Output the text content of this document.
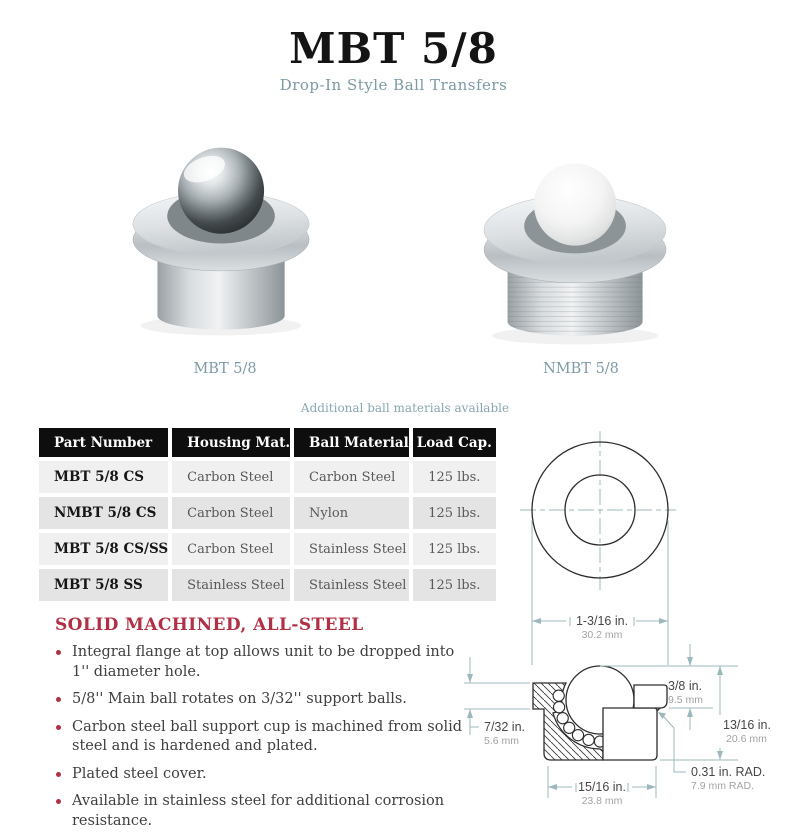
MBT 5/8
Drop-In Style Ball Transfers
MBT 5/8	NMBT 5/8
Additional ball materials available
Part Number	Housing Mat.	Ball Material	Load Cap.
MBT 5/8 CS	Carbon Steel	Carbon Steel	125 lbs.
NMBT 5/8 CS	Carbon Steel	Nylon	125 lbs.
MBT 5/8 CS/SS	Carbon Steel	Stainless Steel	125 lbs.
MBT 5/8 SS	Stainless Steel	Stainless Steel	125 lbs.
SOLID MACHINED, ALL-STEEL
Integral flange at top allows unit to be dropped into 1'' diameter hole.
5/8'' Main ball rotates on 3/32'' support balls.
Carbon steel ball support cup is machined from solid steel and is hardened and plated.
Plated steel cover.
Available in stainless steel for additional corrosion resistance.
1-3/16 in.
30.2 mm
7/32 in.
5.6 mm
3/8 in.
9.5 mm
13/16 in.
20.6 mm
15/16 in.
23.8 mm
0.31 in. RAD.
7.9 mm RAD.
